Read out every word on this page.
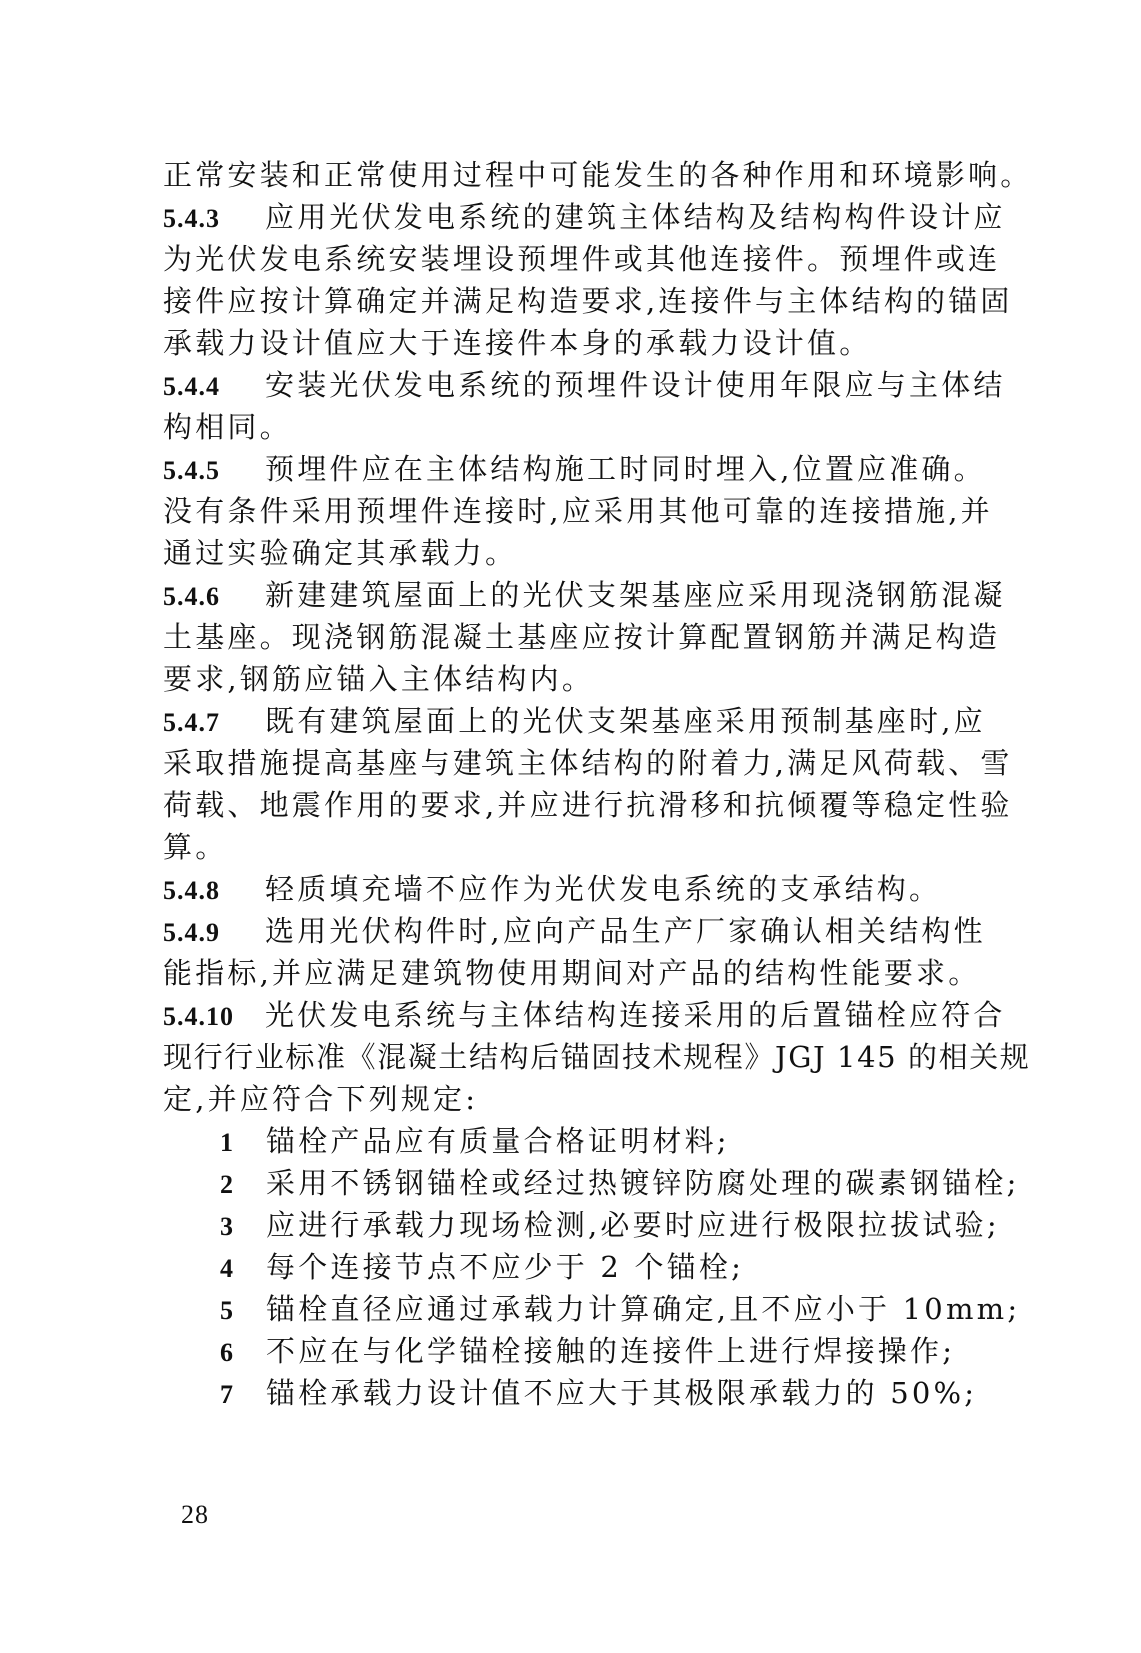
正常安装和正常使用过程中可能发生的各种作用和环境影响。
5.4.3 应用光伏发电系统的建筑主体结构及结构构件设计应
为光伏发电系统安装埋设预埋件或其他连接件。预埋件或连
接件应按计算确定并满足构造要求,连接件与主体结构的锚固
承载力设计值应大于连接件本身的承载力设计值。
5.4.4 安装光伏发电系统的预埋件设计使用年限应与主体结
构相同。
5.4.5 预埋件应在主体结构施工时同时埋入,位置应准确。
没有条件采用预埋件连接时,应采用其他可靠的连接措施,并
通过实验确定其承载力。
5.4.6 新建建筑屋面上的光伏支架基座应采用现浇钢筋混凝
土基座。现浇钢筋混凝土基座应按计算配置钢筋并满足构造
要求,钢筋应锚入主体结构内。
5.4.7 既有建筑屋面上的光伏支架基座采用预制基座时,应
采取措施提高基座与建筑主体结构的附着力,满足风荷载、雪
荷载、地震作用的要求,并应进行抗滑移和抗倾覆等稳定性验
算。
5.4.8 轻质填充墙不应作为光伏发电系统的支承结构。
5.4.9 选用光伏构件时,应向产品生产厂家确认相关结构性
能指标,并应满足建筑物使用期间对产品的结构性能要求。
5.4.10 光伏发电系统与主体结构连接采用的后置锚栓应符合
现行行业标准《混凝土结构后锚固技术规程》JGJ 145 的相关规
定,并应符合下列规定:
1 锚栓产品应有质量合格证明材料;
2 采用不锈钢锚栓或经过热镀锌防腐处理的碳素钢锚栓;
3 应进行承载力现场检测,必要时应进行极限拉拔试验;
4 每个连接节点不应少于 2 个锚栓;
5 锚栓直径应通过承载力计算确定,且不应小于 10mm;
6 不应在与化学锚栓接触的连接件上进行焊接操作;
7 锚栓承载力设计值不应大于其极限承载力的 50%;
28
